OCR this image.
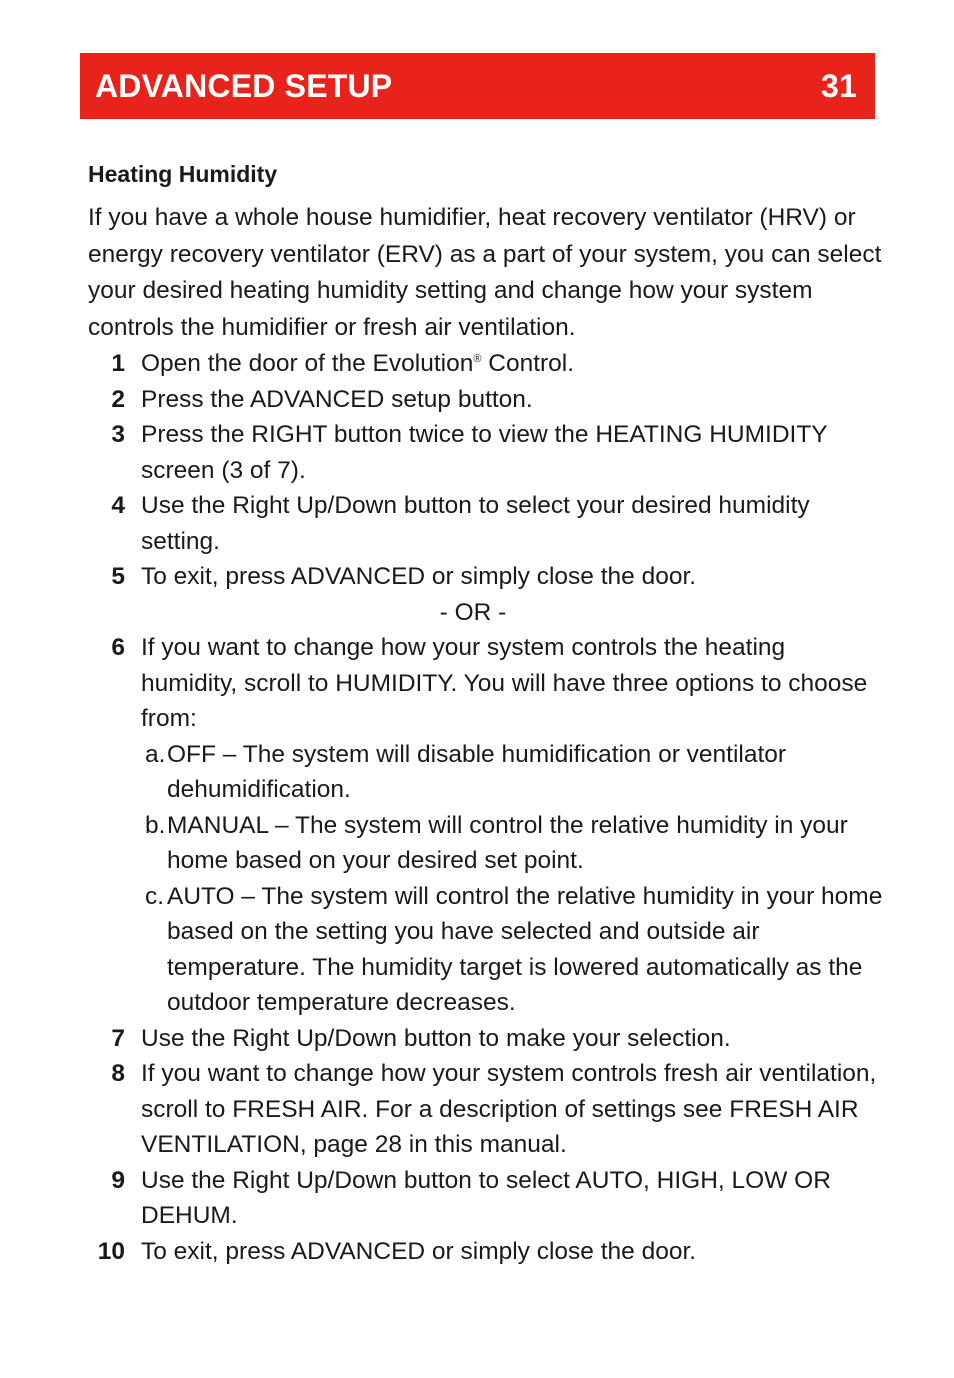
ADVANCED SETUP	31
Heating Humidity

If you have a whole house humidifier, heat recovery ventilator (HRV) or energy recovery ventilator (ERV) as a part of your system, you can select your desired heating humidity setting and change how your system controls the humidifier or fresh air ventilation.

1 Open the door of the Evolution® Control.
2 Press the ADVANCED setup button.
3 Press the RIGHT button twice to view the HEATING HUMIDITY screen (3 of 7).
4 Use the Right Up/Down button to select your desired humidity setting.
5 To exit, press ADVANCED or simply close the door.
- OR -
6 If you want to change how your system controls the heating humidity, scroll to HUMIDITY. You will have three options to choose from:
a. OFF – The system will disable humidification or ventilator dehumidification.
b. MANUAL – The system will control the relative humidity in your home based on your desired set point.
c. AUTO – The system will control the relative humidity in your home based on the setting you have selected and outside air temperature. The humidity target is lowered automatically as the outdoor temperature decreases.
7 Use the Right Up/Down button to make your selection.
8 If you want to change how your system controls fresh air ventilation, scroll to FRESH AIR. For a description of settings see FRESH AIR VENTILATION, page 28 in this manual.
9 Use the Right Up/Down button to select AUTO, HIGH, LOW OR DEHUM.
10 To exit, press ADVANCED or simply close the door.
